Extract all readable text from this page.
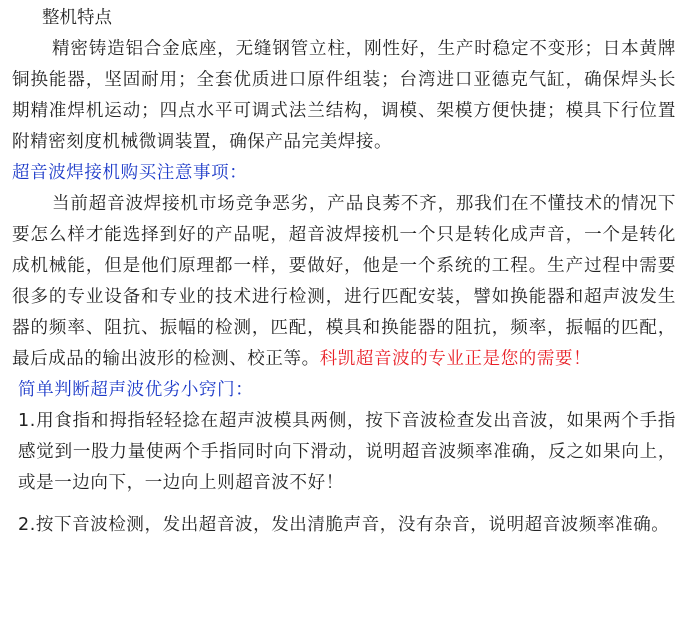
整机特点
精密铸造铝合金底座，无缝钢管立柱，刚性好，生产时稳定不变形；日本黄牌铜换能器，坚固耐用；全套优质进口原件组装；台湾进口亚德克气缸，确保焊头长期精准焊机运动；四点水平可调式法兰结构，调模、架模方便快捷；模具下行位置附精密刻度机械微调装置，确保产品完美焊接。
超音波焊接机购买注意事项：
当前超音波焊接机市场竞争恶劣，产品良莠不齐，那我们在不懂技术的情况下要怎么样才能选择到好的产品呢，超音波焊接机一个只是转化成声音，一个是转化成机械能，但是他们原理都一样，要做好，他是一个系统的工程。生产过程中需要很多的专业设备和专业的技术进行检测，进行匹配安装，譬如换能器和超声波发生器的频率、阻抗、振幅的检测，匹配，模具和换能器的阻抗，频率，振幅的匹配，最后成品的输出波形的检测、校正等。科凯超音波的专业正是您的需要！
简单判断超声波优劣小窍门：
1.用食指和拇指轻轻捻在超声波模具两侧，按下音波检查发出音波，如果两个手指感觉到一股力量使两个手指同时向下滑动，说明超音波频率准确，反之如果向上，或是一边向下，一边向上则超音波不好！
2.按下音波检测，发出超音波，发出清脆声音，没有杂音，说明超音波频率准确。
